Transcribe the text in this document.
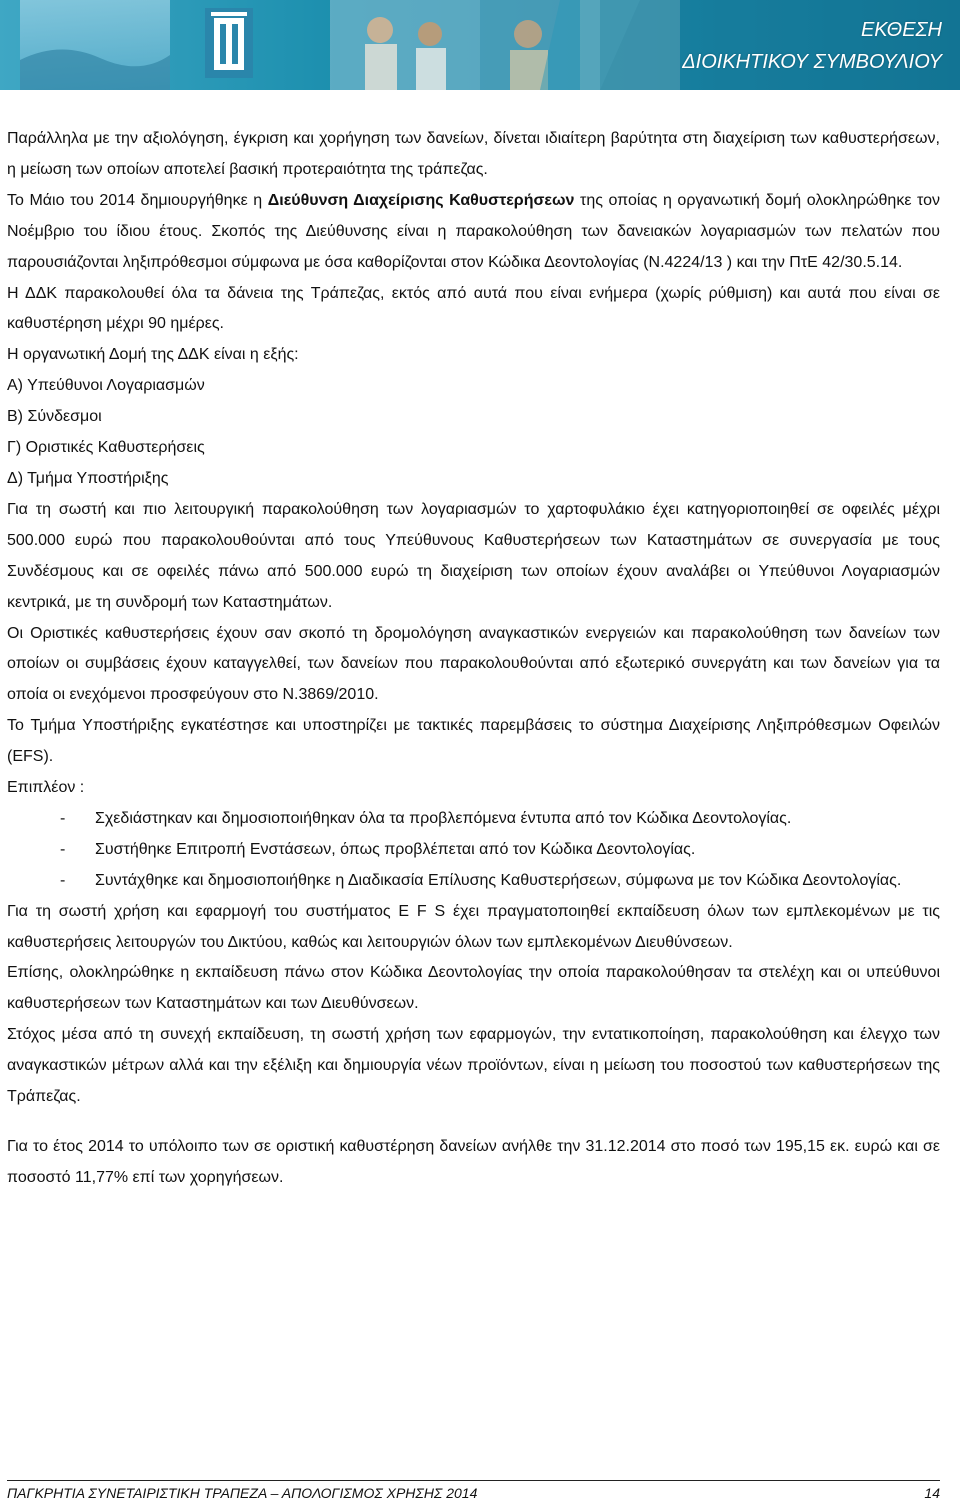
ΕΚΘΕΣΗ
ΔΙΟΙΚΗΤΙΚΟΥ ΣΥΜΒΟΥΛΙΟΥ

Παράλληλα με την αξιολόγηση, έγκριση και χορήγηση των δανείων, δίνεται ιδιαίτερη βαρύτητα στη διαχείριση των καθυστερήσεων, η μείωση των οποίων αποτελεί βασική προτεραιότητα της τράπεζας.

Το Μάιο του 2014 δημιουργήθηκε η Διεύθυνση Διαχείρισης Καθυστερήσεων της οποίας η οργανωτική δομή ολοκληρώθηκε τον Νοέμβριο του ίδιου έτους. Σκοπός της Διεύθυνσης είναι η παρακολούθηση των δανειακών λογαριασμών των πελατών που παρουσιάζονται ληξιπρόθεσμοι σύμφωνα με όσα καθορίζονται στον Κώδικα Δεοντολογίας (Ν.4224/13 ) και την ΠτΕ 42/30.5.14.

Η ΔΔΚ παρακολουθεί όλα τα δάνεια της Τράπεζας, εκτός από αυτά που είναι ενήμερα (χωρίς ρύθμιση) και αυτά που είναι σε καθυστέρηση μέχρι 90 ημέρες.

Η οργανωτική Δομή της ΔΔΚ είναι η εξής:

Α) Υπεύθυνοι Λογαριασμών

Β) Σύνδεσμοι

Γ) Οριστικές Καθυστερήσεις

Δ) Τμήμα Υποστήριξης

Για τη σωστή και πιο λειτουργική παρακολούθηση των λογαριασμών το χαρτοφυλάκιο έχει κατηγοριοποιηθεί σε οφειλές μέχρι 500.000 ευρώ που παρακολουθούνται από τους Υπεύθυνους Καθυστερήσεων των Καταστημάτων σε συνεργασία με τους Συνδέσμους και σε οφειλές πάνω από 500.000 ευρώ τη διαχείριση των οποίων έχουν αναλάβει οι Υπεύθυνοι Λογαριασμών κεντρικά, με τη συνδρομή των Καταστημάτων.

Οι Οριστικές καθυστερήσεις έχουν σαν σκοπό τη δρομολόγηση αναγκαστικών ενεργειών και παρακολούθηση των δανείων των οποίων οι συμβάσεις έχουν καταγγελθεί, των δανείων που παρακολουθούνται από εξωτερικό συνεργάτη και των δανείων για τα οποία οι ενεχόμενοι προσφεύγουν στο Ν.3869/2010.

Το Τμήμα Υποστήριξης εγκατέστησε και υποστηρίζει με τακτικές παρεμβάσεις το σύστημα Διαχείρισης Ληξιπρόθεσμων Οφειλών (EFS).

Επιπλέον :

- Σχεδιάστηκαν και δημοσιοποιήθηκαν όλα τα προβλεπόμενα έντυπα από τον Κώδικα Δεοντολογίας.
- Συστήθηκε Επιτροπή Ενστάσεων, όπως προβλέπεται από τον Κώδικα Δεοντολογίας.
- Συντάχθηκε και δημοσιοποιήθηκε η Διαδικασία Επίλυσης Καθυστερήσεων, σύμφωνα με τον Κώδικα Δεοντολογίας.

Για τη σωστή χρήση και εφαρμογή του συστήματος E F S έχει πραγματοποιηθεί εκπαίδευση όλων των εμπλεκομένων με τις καθυστερήσεις λειτουργών του Δικτύου, καθώς και λειτουργιών όλων των εμπλεκομένων Διευθύνσεων.

Επίσης, ολοκληρώθηκε η εκπαίδευση πάνω στον Κώδικα Δεοντολογίας την οποία παρακολούθησαν τα στελέχη και οι υπεύθυνοι καθυστερήσεων των Καταστημάτων και των Διευθύνσεων.

Στόχος μέσα από τη συνεχή εκπαίδευση, τη σωστή χρήση των εφαρμογών, την εντατικοποίηση, παρακολούθηση και έλεγχο των αναγκαστικών μέτρων αλλά και την εξέλιξη και δημιουργία νέων προϊόντων, είναι η μείωση του ποσοστού των καθυστερήσεων της Τράπεζας.

Για το έτος 2014 το υπόλοιπο των σε οριστική καθυστέρηση δανείων ανήλθε την 31.12.2014 στο ποσό των 195,15 εκ. ευρώ και σε ποσοστό 11,77% επί των χορηγήσεων.

ΠΑΓΚΡΗΤΙΑ ΣΥΝΕΤΑΙΡΙΣΤΙΚΗ ΤΡΑΠΕΖΑ – ΑΠΟΛΟΓΙΣΜΟΣ ΧΡΗΣΗΣ 2014	14
